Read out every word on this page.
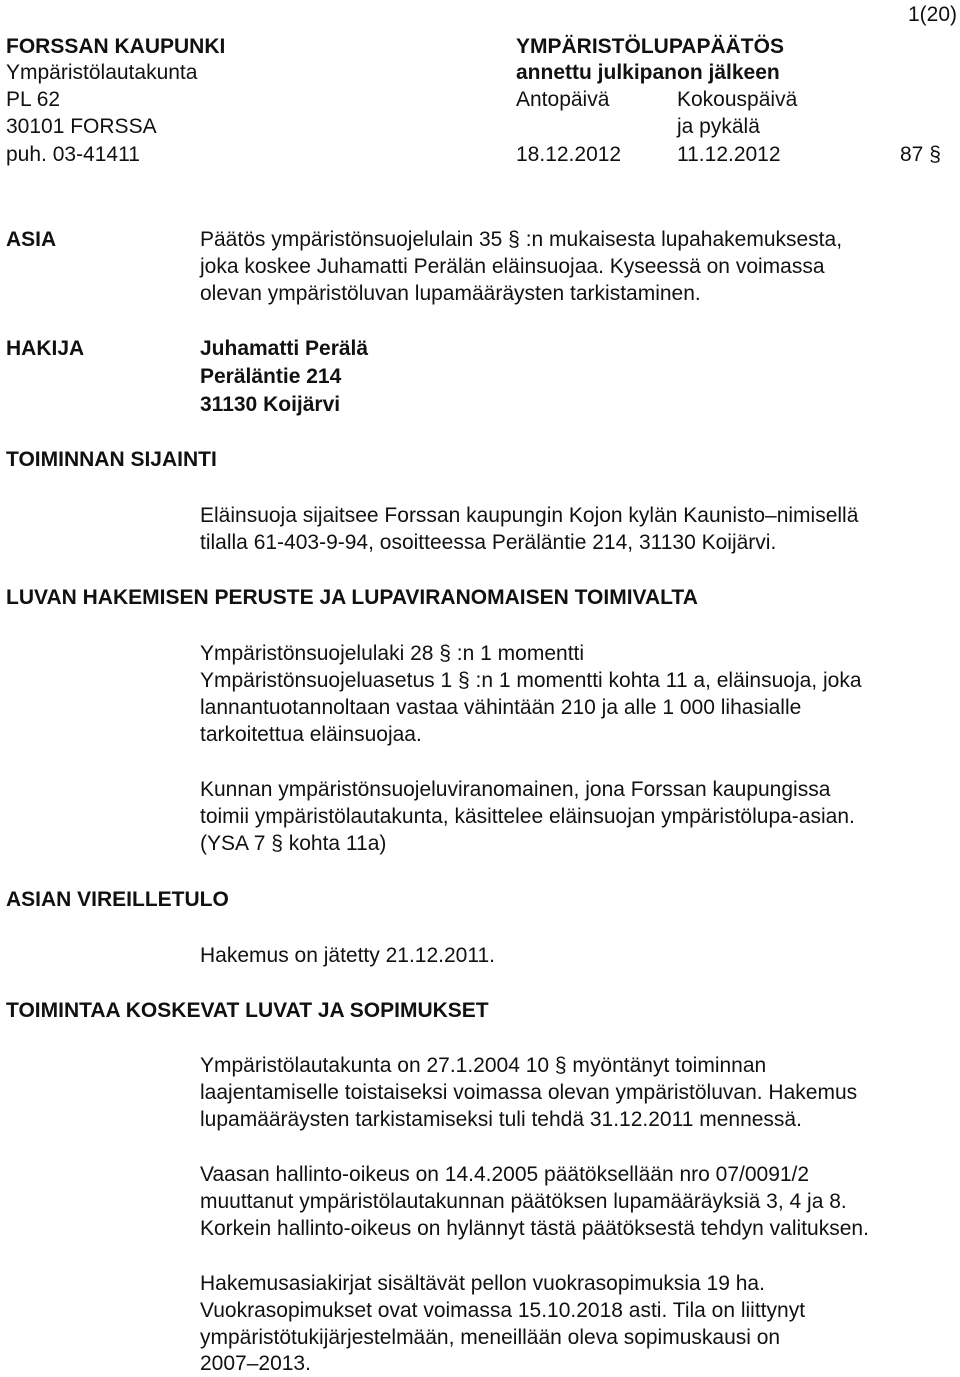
1(20)
FORSSAN KAUPUNKI
Ympäristölautakunta
PL 62
30101 FORSSA
puh. 03-41411
YMPÄRISTÖLUPAPÄÄTÖS
annettu julkipanon jälkeen
Antopäivä	Kokouspäivä
ja pykälä
18.12.2012	11.12.2012	87 §
ASIA	Päätös ympäristönsuojelulain 35 § :n mukaisesta lupahakemuksesta,
joka koskee Juhamatti Perälän eläinsuojaa. Kyseessä on voimassa
olevan ympäristöluvan lupamääräysten tarkistaminen.
HAKIJA	Juhamatti Perälä
Peräläntie 214
31130 Koijärvi
TOIMINNAN SIJAINTI
Eläinsuoja sijaitsee Forssan kaupungin Kojon kylän Kaunisto–nimisellä
tilalla 61-403-9-94, osoitteessa Peräläntie 214, 31130 Koijärvi.
LUVAN HAKEMISEN PERUSTE JA LUPAVIRANOMAISEN TOIMIVALTA
Ympäristönsuojelulaki 28 § :n 1 momentti
Ympäristönsuojeluasetus 1 § :n 1 momentti kohta 11 a, eläinsuoja, joka
lannantuotannoltaan vastaa vähintään 210 ja alle 1 000 lihasialle
tarkoitettua eläinsuojaa.
Kunnan ympäristönsuojeluviranomainen, jona Forssan kaupungissa
toimii ympäristölautakunta, käsittelee eläinsuojan ympäristölupa-asian.
(YSA 7 § kohta 11a)
ASIAN VIREILLETULO
Hakemus on jätetty 21.12.2011.
TOIMINTAA KOSKEVAT LUVAT JA SOPIMUKSET
Ympäristölautakunta on 27.1.2004 10 § myöntänyt toiminnan
laajentamiselle toistaiseksi voimassa olevan ympäristöluvan. Hakemus
lupamääräysten tarkistamiseksi tuli tehdä 31.12.2011 mennessä.
Vaasan hallinto-oikeus on 14.4.2005 päätöksellään nro 07/0091/2
muuttanut ympäristölautakunnan päätöksen lupamääräyksiä 3, 4 ja 8.
Korkein hallinto-oikeus on hylännyt tästä päätöksestä tehdyn valituksen.
Hakemusasiakirjat sisältävät pellon vuokrasopimuksia 19 ha.
Vuokrasopimukset ovat voimassa 15.10.2018 asti. Tila on liittynyt
ympäristötukijärjestelmään, meneillään oleva sopimuskausi on
2007–2013.
